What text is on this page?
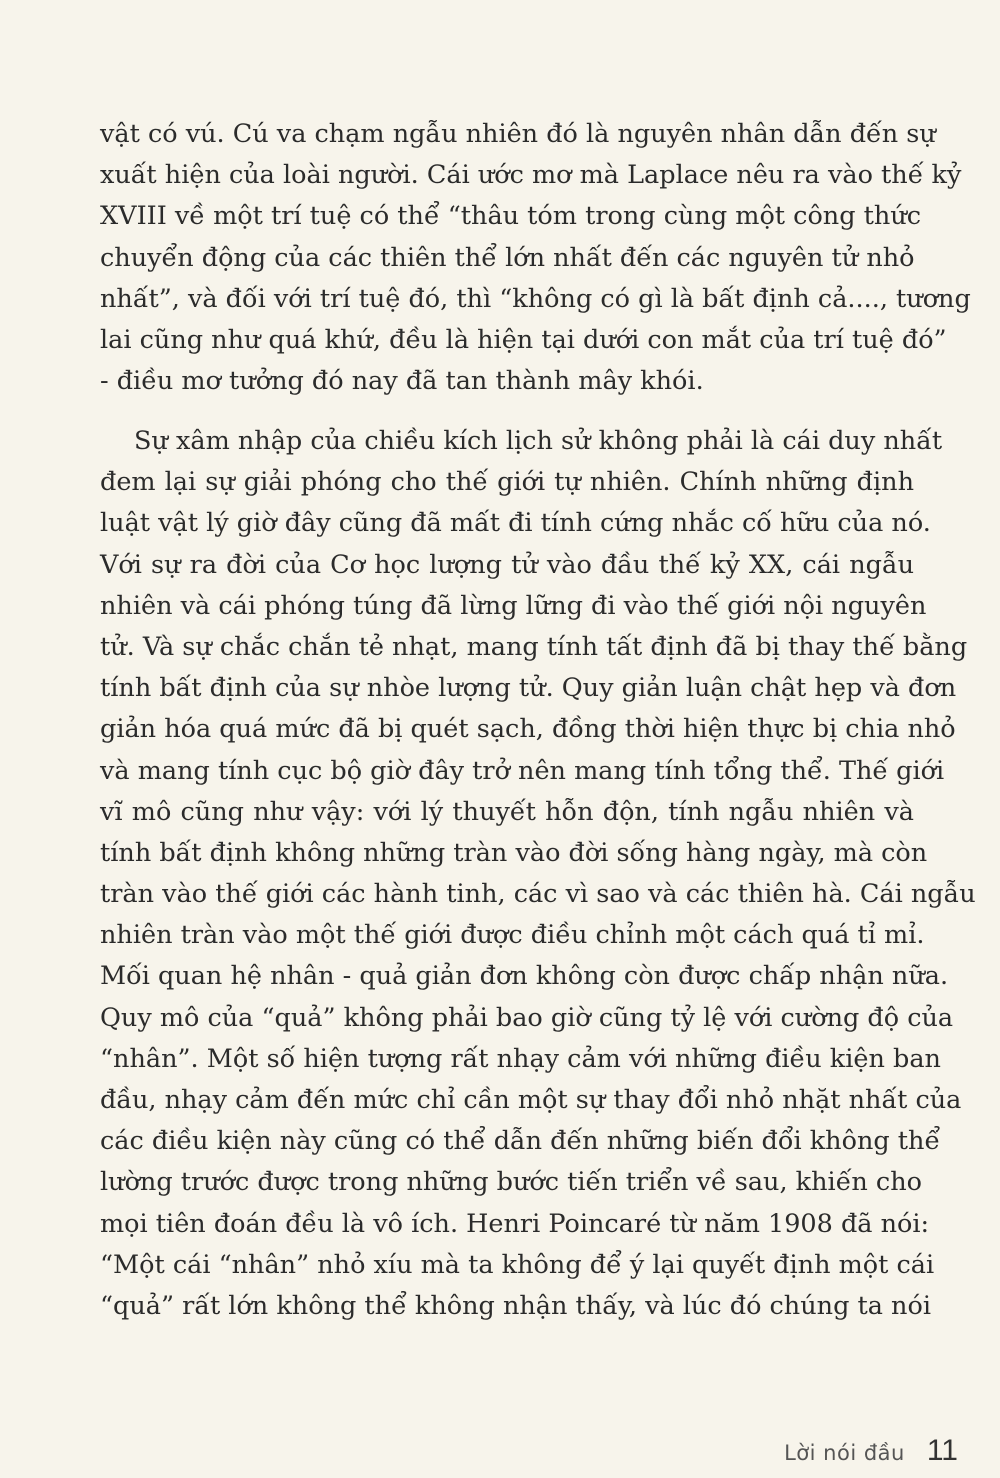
vật có vú. Cú va chạm ngẫu nhiên đó là nguyên nhân dẫn đến sự
xuất hiện của loài người. Cái ước mơ mà Laplace nêu ra vào thế kỷ
XVIII về một trí tuệ có thể “thâu tóm trong cùng một công thức
chuyển động của các thiên thể lớn nhất đến các nguyên tử nhỏ
nhất”, và đối với trí tuệ đó, thì “không có gì là bất định cả...., tương
lai cũng như quá khứ, đều là hiện tại dưới con mắt của trí tuệ đó”
- điều mơ tưởng đó nay đã tan thành mây khói.
Sự xâm nhập của chiều kích lịch sử không phải là cái duy nhất
đem lại sự giải phóng cho thế giới tự nhiên. Chính những định
luật vật lý giờ đây cũng đã mất đi tính cứng nhắc cố hữu của nó.
Với sự ra đời của Cơ học lượng tử vào đầu thế kỷ XX, cái ngẫu
nhiên và cái phóng túng đã lừng lững đi vào thế giới nội nguyên
tử. Và sự chắc chắn tẻ nhạt, mang tính tất định đã bị thay thế bằng
tính bất định của sự nhòe lượng tử. Quy giản luận chật hẹp và đơn
giản hóa quá mức đã bị quét sạch, đồng thời hiện thực bị chia nhỏ
và mang tính cục bộ giờ đây trở nên mang tính tổng thể. Thế giới
vĩ mô cũng như vậy: với lý thuyết hỗn độn, tính ngẫu nhiên và
tính bất định không những tràn vào đời sống hàng ngày, mà còn
tràn vào thế giới các hành tinh, các vì sao và các thiên hà. Cái ngẫu
nhiên tràn vào một thế giới được điều chỉnh một cách quá tỉ mỉ.
Mối quan hệ nhân - quả giản đơn không còn được chấp nhận nữa.
Quy mô của “quả” không phải bao giờ cũng tỷ lệ với cường độ của
“nhân”. Một số hiện tượng rất nhạy cảm với những điều kiện ban
đầu, nhạy cảm đến mức chỉ cần một sự thay đổi nhỏ nhặt nhất của
các điều kiện này cũng có thể dẫn đến những biến đổi không thể
lường trước được trong những bước tiến triển về sau, khiến cho
mọi tiên đoán đều là vô ích. Henri Poincaré từ năm 1908 đã nói:
“Một cái “nhân” nhỏ xíu mà ta không để ý lại quyết định một cái
“quả” rất lớn không thể không nhận thấy, và lúc đó chúng ta nói
Lời nói đầu 11
